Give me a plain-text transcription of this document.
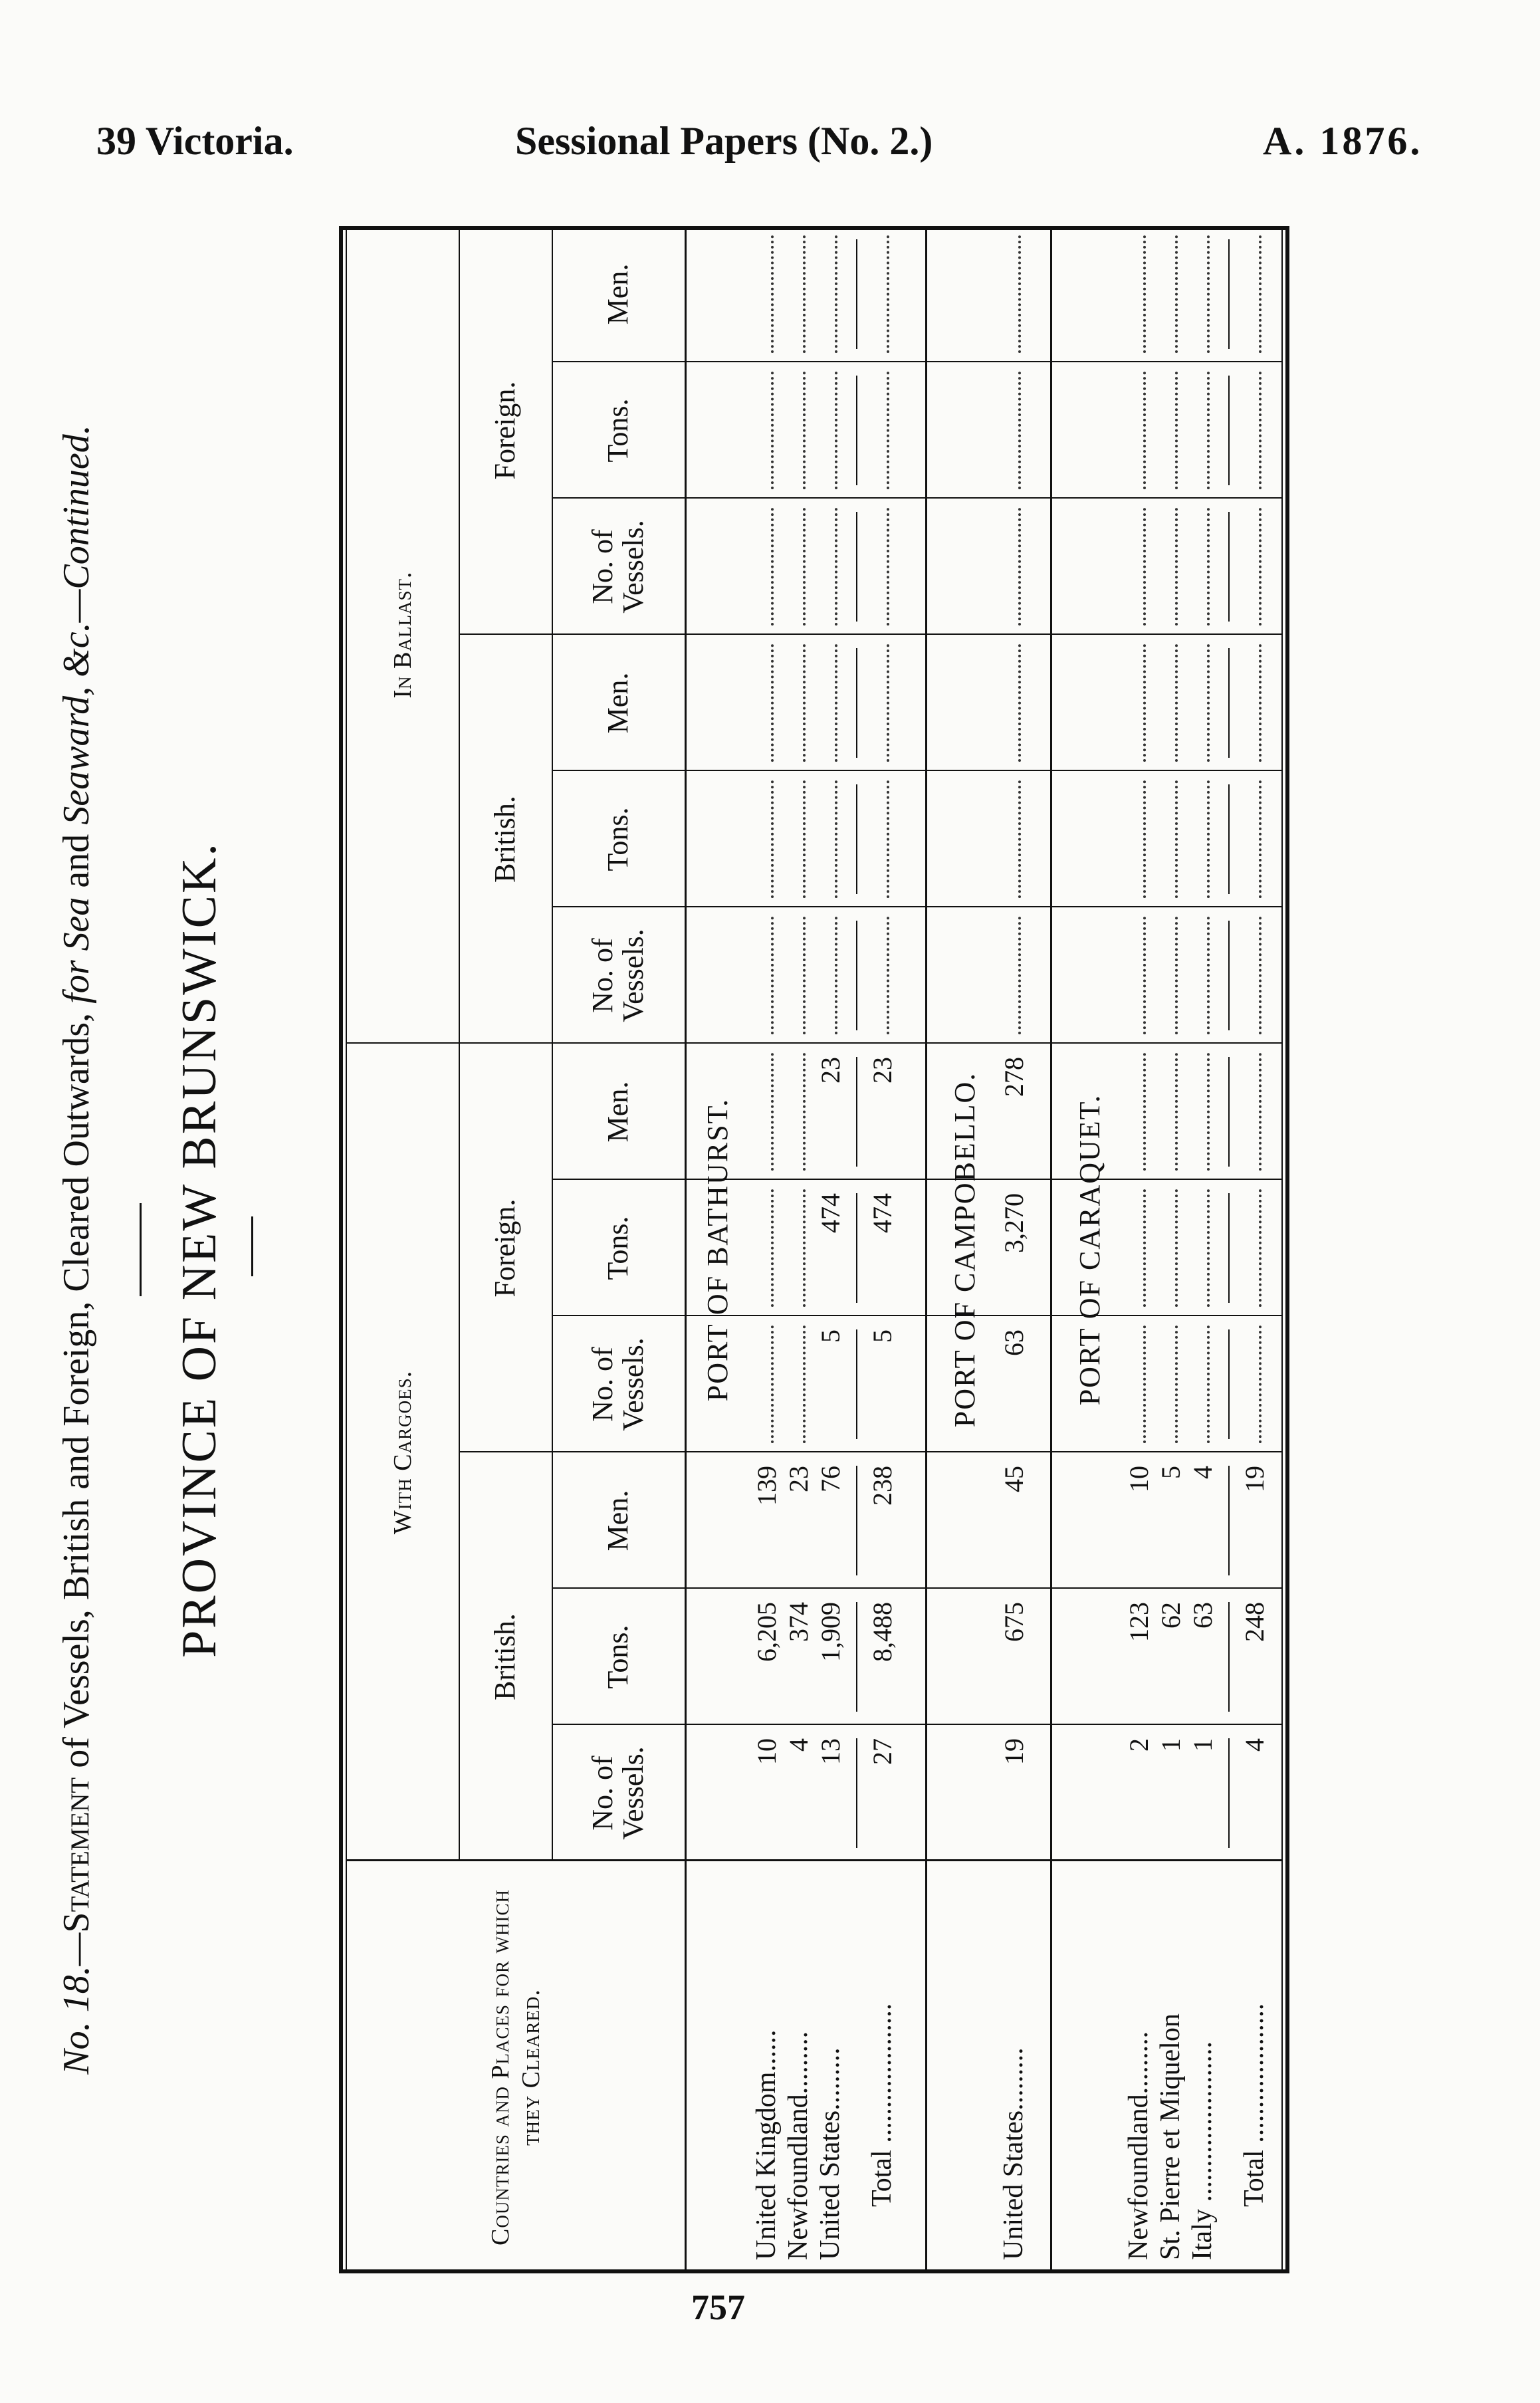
39 Victoria.	Sessional Papers (No. 2.)	A. 1876.
No. 18.—Statement of Vessels, British and Foreign, Cleared Outwards, for Sea and Seaward, &c.—Continued.
PROVINCE OF NEW BRUNSWICK.
Countries and Places for which they Cleared.
With Cargoes.
In Ballast.
British.
No. of Vessels.
Tons.
Men.
Foreign.
No. of Vessels.
Tons.
Men.
British.
No. of Vessels.
Tons.
Men.
Foreign.
No. of Vessels.
Tons.
Men.
PORT OF BATHURST.
United Kingdom......
10
6,205
139
Newfoundland.........
4
374
23
United States.........
13
1,909
76
5
474
23
Total ....................
27
8,488
238
5
474
23
PORT OF CAMPOBELLO.
United States.........
19
675
45
63
3,270
278
PORT OF CARAQUET.
Newfoundland.........
2
123
10
St. Pierre et Miquelon
1
62
5
Italy .......................
1
63
4
Total ....................
4
248
19
757
